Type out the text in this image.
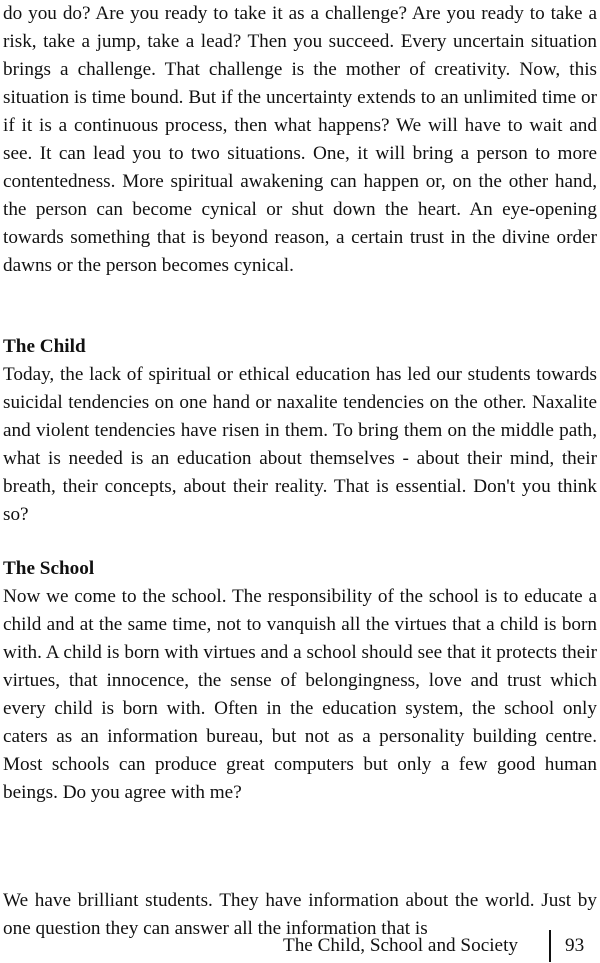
do you do? Are you ready to take it as a challenge? Are you ready to take a risk, take a jump, take a lead? Then you succeed. Every uncertain situation brings a challenge. That challenge is the mother of creativity. Now, this situation is time bound. But if the uncertainty extends to an unlimited time or if it is a continuous process, then what happens? We will have to wait and see. It can lead you to two situations. One, it will bring a person to more contentedness. More spiritual awakening can happen or, on the other hand, the person can become cynical or shut down the heart. An eye-opening towards something that is beyond reason, a certain trust in the divine order dawns or the person becomes cynical.

The Child

Today, the lack of spiritual or ethical education has led our students towards suicidal tendencies on one hand or naxalite tendencies on the other. Naxalite and violent tendencies have risen in them. To bring them on the middle path, what is needed is an education about themselves - about their mind, their breath, their concepts, about their reality. That is essential. Don't you think so?

The School

Now we come to the school. The responsibility of the school is to educate a child and at the same time, not to vanquish all the virtues that a child is born with. A child is born with virtues and a school should see that it protects their virtues, that innocence, the sense of belongingness, love and trust which every child is born with. Often in the education system, the school only caters as an information bureau, but not as a personality building centre. Most schools can produce great computers but only a few good human beings. Do you agree with me?

We have brilliant students. They have information about the world. Just by one question they can answer all the information that is

The Child, School and Society 93
